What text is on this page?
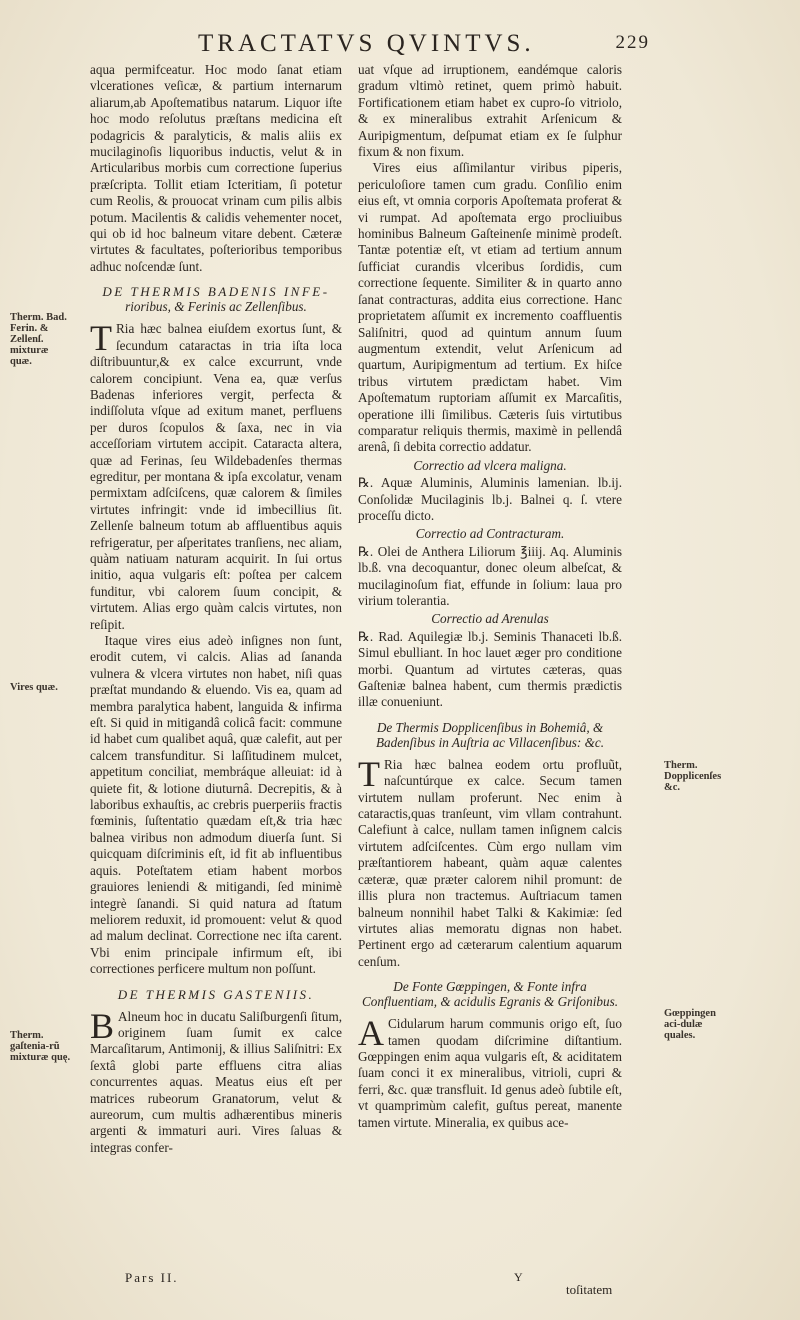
TRACTATVS QVINTVS.	229

aqua permifceatur. Hoc modo ſanat etiam vlcerationes veſicæ, & partium internarum aliarum,ab Apoſtematibus natarum. Liquor iſte hoc modo reſolutus præſtans medicina eſt podagricis & paralyticis, & malis aliis ex mucilaginoſis liquoribus inductis, velut & in Articularibus morbis cum correctione ſuperius præſcripta. Tollit etiam Icteritiam, ſi potetur cum Reolis, & prouocat vrinam cum pilis albis potum. Macilentis & calidis vehementer nocet, qui ob id hoc balneum vitare debent. Cæteræ virtutes & facultates, poſterioribus temporibus adhuc noſcendæ ſunt.

DE THERMIS BADENIS INFE-
rioribus, & Ferinis ac Zellenſibus.

T Ria hæc balnea eiuſdem exortus ſunt, & ſecundum cataractas in tria iſta loca diſtribuuntur,& ex calce excurrunt, vnde calorem concipiunt. Vena ea, quæ verſus Badenas inferiores vergit, perfecta & indiſſoluta vſque ad exitum manet, perfluens per duros ſcopulos & ſaxa, nec in via acceſſoriam virtutem accipit. Cataracta altera, quæ ad Ferinas, ſeu Wildebadenſes thermas egreditur, per montana & ipſa excolatur, venam permixtam adſciſcens, quæ calorem & ſimiles virtutes infringit: vnde id imbecillius ſit. Zellenſe balneum totum ab affluentibus aquis refrigeratur, per aſperitates tranſiens, nec aliam, quàm natiuam naturam acquirit. In ſui ortus initio, aqua vulgaris eſt: poſtea per calcem funditur, vbi calorem ſuum concipit, & virtutem. Alias ergo quàm calcis virtutes, non reſipit.

Itaque vires eius adeò inſignes non ſunt, erodit cutem, vi calcis. Alias ad ſananda vulnera & vlcera virtutes non habet, niſi quas præſtat mundando & eluendo. Vis ea, quam ad membra paralytica habent, languida & infirma eſt. Si quid in mitigandâ colicâ facit: commune id habet cum qualibet aquâ, quæ calefit, aut per calcem transfunditur. Si laſſitudinem mulcet, appetitum conciliat, membráque alleuiat: id à quiete fit, & lotione diuturnâ. Decrepitis, & à laboribus exhauſtis, ac crebris puerperiis fractis fœminis, ſuſtentatio quædam eſt,& tria hæc balnea viribus non admodum diuerſa ſunt. Si quicquam diſcriminis eſt, id fit ab influentibus aquis. Poteſtatem etiam habent morbos grauiores leniendi & mitigandi, ſed minimè integrè ſanandi. Si quid natura ad ſtatum meliorem reduxit, id promouent: velut & quod ad malum declinat. Correctione nec iſta carent. Vbi enim principale infirmum eſt, ibi correctiones perficere multum non poſſunt.

DE THERMIS GASTENIIS.

B Alneum hoc in ducatu Saliſburgenſi ſitum, originem ſuam ſumit ex calce Marcaſitarum, Antimonij, & illius Saliſnitri: Ex ſextâ globi parte effluens citra alias concurrentes aquas. Meatus eius eſt per matrices rubeorum Granatorum, velut & aureorum, cum multis adhærentibus mineris argenti & immaturi auri. Vires ſaluas & integras confer-

Pars II.

uat vſque ad irruptionem, eandémque caloris gradum vltimò retinet, quem primò habuit. Fortificationem etiam habet ex cupro-ſo vitriolo, & ex mineralibus extrahit Arſenicum & Auripigmentum, deſpumat etiam ex ſe ſulphur fixum & non fixum.

Vires eius aſſimilantur viribus piperis, periculoſiore tamen cum gradu. Conſilio enim eius eſt, vt omnia corporis Apoſtemata proferat & vi rumpat. Ad apoſtemata ergo procliuibus hominibus Balneum Gaſteinenſe minimè prodeſt. Tantæ potentiæ eſt, vt etiam ad tertium annum ſufficiat curandis vlceribus ſordidis, cum correctione ſequente. Similiter & in quarto anno ſanat contracturas, addita eius correctione. Hanc proprietatem aſſumit ex incremento coaffluentis Saliſnitri, quod ad quintum annum ſuum augmentum extendit, velut Arſenicum ad quartum, Auripigmentum ad tertium. Ex hiſce tribus virtutem prædictam habet. Vim Apoſtematum ruptoriam aſſumit ex Marcaſitis, operatione illi ſimilibus. Cæteris ſuis virtutibus comparatur reliquis thermis, maximè in pellendâ arenâ, ſi debita correctio addatur.

Correctio ad vlcera maligna.

℞. Aquæ Aluminis, Aluminis lamenian. lb.ij. Conſolidæ Mucilaginis lb.j. Balnei q. ſ. vtere proceſſu dicto.

Correctio ad Contracturam.

℞. Olei de Anthera Liliorum ℥iiij. Aq. Aluminis lb.ß. vna decoquantur, donec oleum albeſcat, & mucilaginoſum fiat, effunde in ſolium: laua pro virium tolerantia.

Correctio ad Arenulas

℞. Rad. Aquilegiæ lb.j. Seminis Thanaceti lb.ß. Simul ebulliant. In hoc lauet æger pro conditione morbi. Quantum ad virtutes cæteras, quas Gaſteniæ balnea habent, cum thermis prædictis illæ conueniunt.

De Thermis Dopplicenſibus in Bohemiâ, &
Badenſibus in Auſtria ac Villacenſibus: &c.

T Ria hæc balnea eodem ortu profluũt, naſcuntúrque ex calce. Secum tamen virtutem nullam proferunt. Nec enim à cataractis,quas tranſeunt, vim vllam contrahunt. Calefiunt à calce, nullam tamen inſignem calcis virtutem adſciſcentes. Cùm ergo nullam vim præſtantiorem habeant, quàm aquæ calentes cæteræ, quæ præter calorem nihil promunt: de illis plura non tractemus. Auſtriacum tamen balneum nonnihil habet Talki & Kakimiæ: ſed virtutes alias memoratu dignas non habet. Pertinent ergo ad cæterarum calentium aquarum cenſum.

De Fonte Gœppingen, & Fonte infra Confluentiam, & acidulis Egranis & Griſonibus.

A Cidularum harum communis origo eſt, ſuo tamen quodam diſcrimine diſtantium. Gœppingen enim aqua vulgaris eſt, & aciditatem ſuam conci it ex mineralibus, vitrioli, cupri & ferri, &c. quæ transfluit. Id genus adeò ſubtile eſt, vt quamprimùm calefit, guſtus pereat, manente tamen virtute. Mineralia, ex quibus ace-

Y
toſitatem
Therm. Bad. Ferin. & Zellenſ. mixturæ quæ.
Vires quæ.
Therm. gaſtenia-rũ mixturæ quę.
Therm. Dopplicenſes &c.
Gœppingen aci-dulæ quales.
